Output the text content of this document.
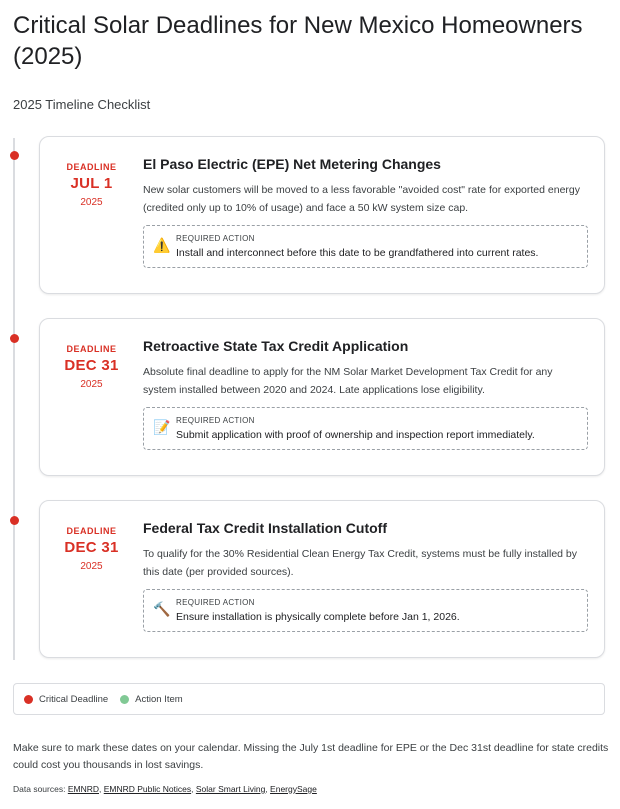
Critical Solar Deadlines for New Mexico Homeowners (2025)
2025 Timeline Checklist
DEADLINE
JUL 1
2025
El Paso Electric (EPE) Net Metering Changes
New solar customers will be moved to a less favorable "avoided cost" rate for exported energy (credited only up to 10% of usage) and face a 50 kW system size cap.
⚠️ REQUIRED ACTION
Install and interconnect before this date to be grandfathered into current rates.
DEADLINE
DEC 31
2025
Retroactive State Tax Credit Application
Absolute final deadline to apply for the NM Solar Market Development Tax Credit for any system installed between 2020 and 2024. Late applications lose eligibility.
📝 REQUIRED ACTION
Submit application with proof of ownership and inspection report immediately.
DEADLINE
DEC 31
2025
Federal Tax Credit Installation Cutoff
To qualify for the 30% Residential Clean Energy Tax Credit, systems must be fully installed by this date (per provided sources).
🔨 REQUIRED ACTION
Ensure installation is physically complete before Jan 1, 2026.
Critical Deadline	Action Item
Make sure to mark these dates on your calendar. Missing the July 1st deadline for EPE or the Dec 31st deadline for state credits could cost you thousands in lost savings.
Data sources: EMNRD, EMNRD Public Notices, Solar Smart Living, EnergySage
